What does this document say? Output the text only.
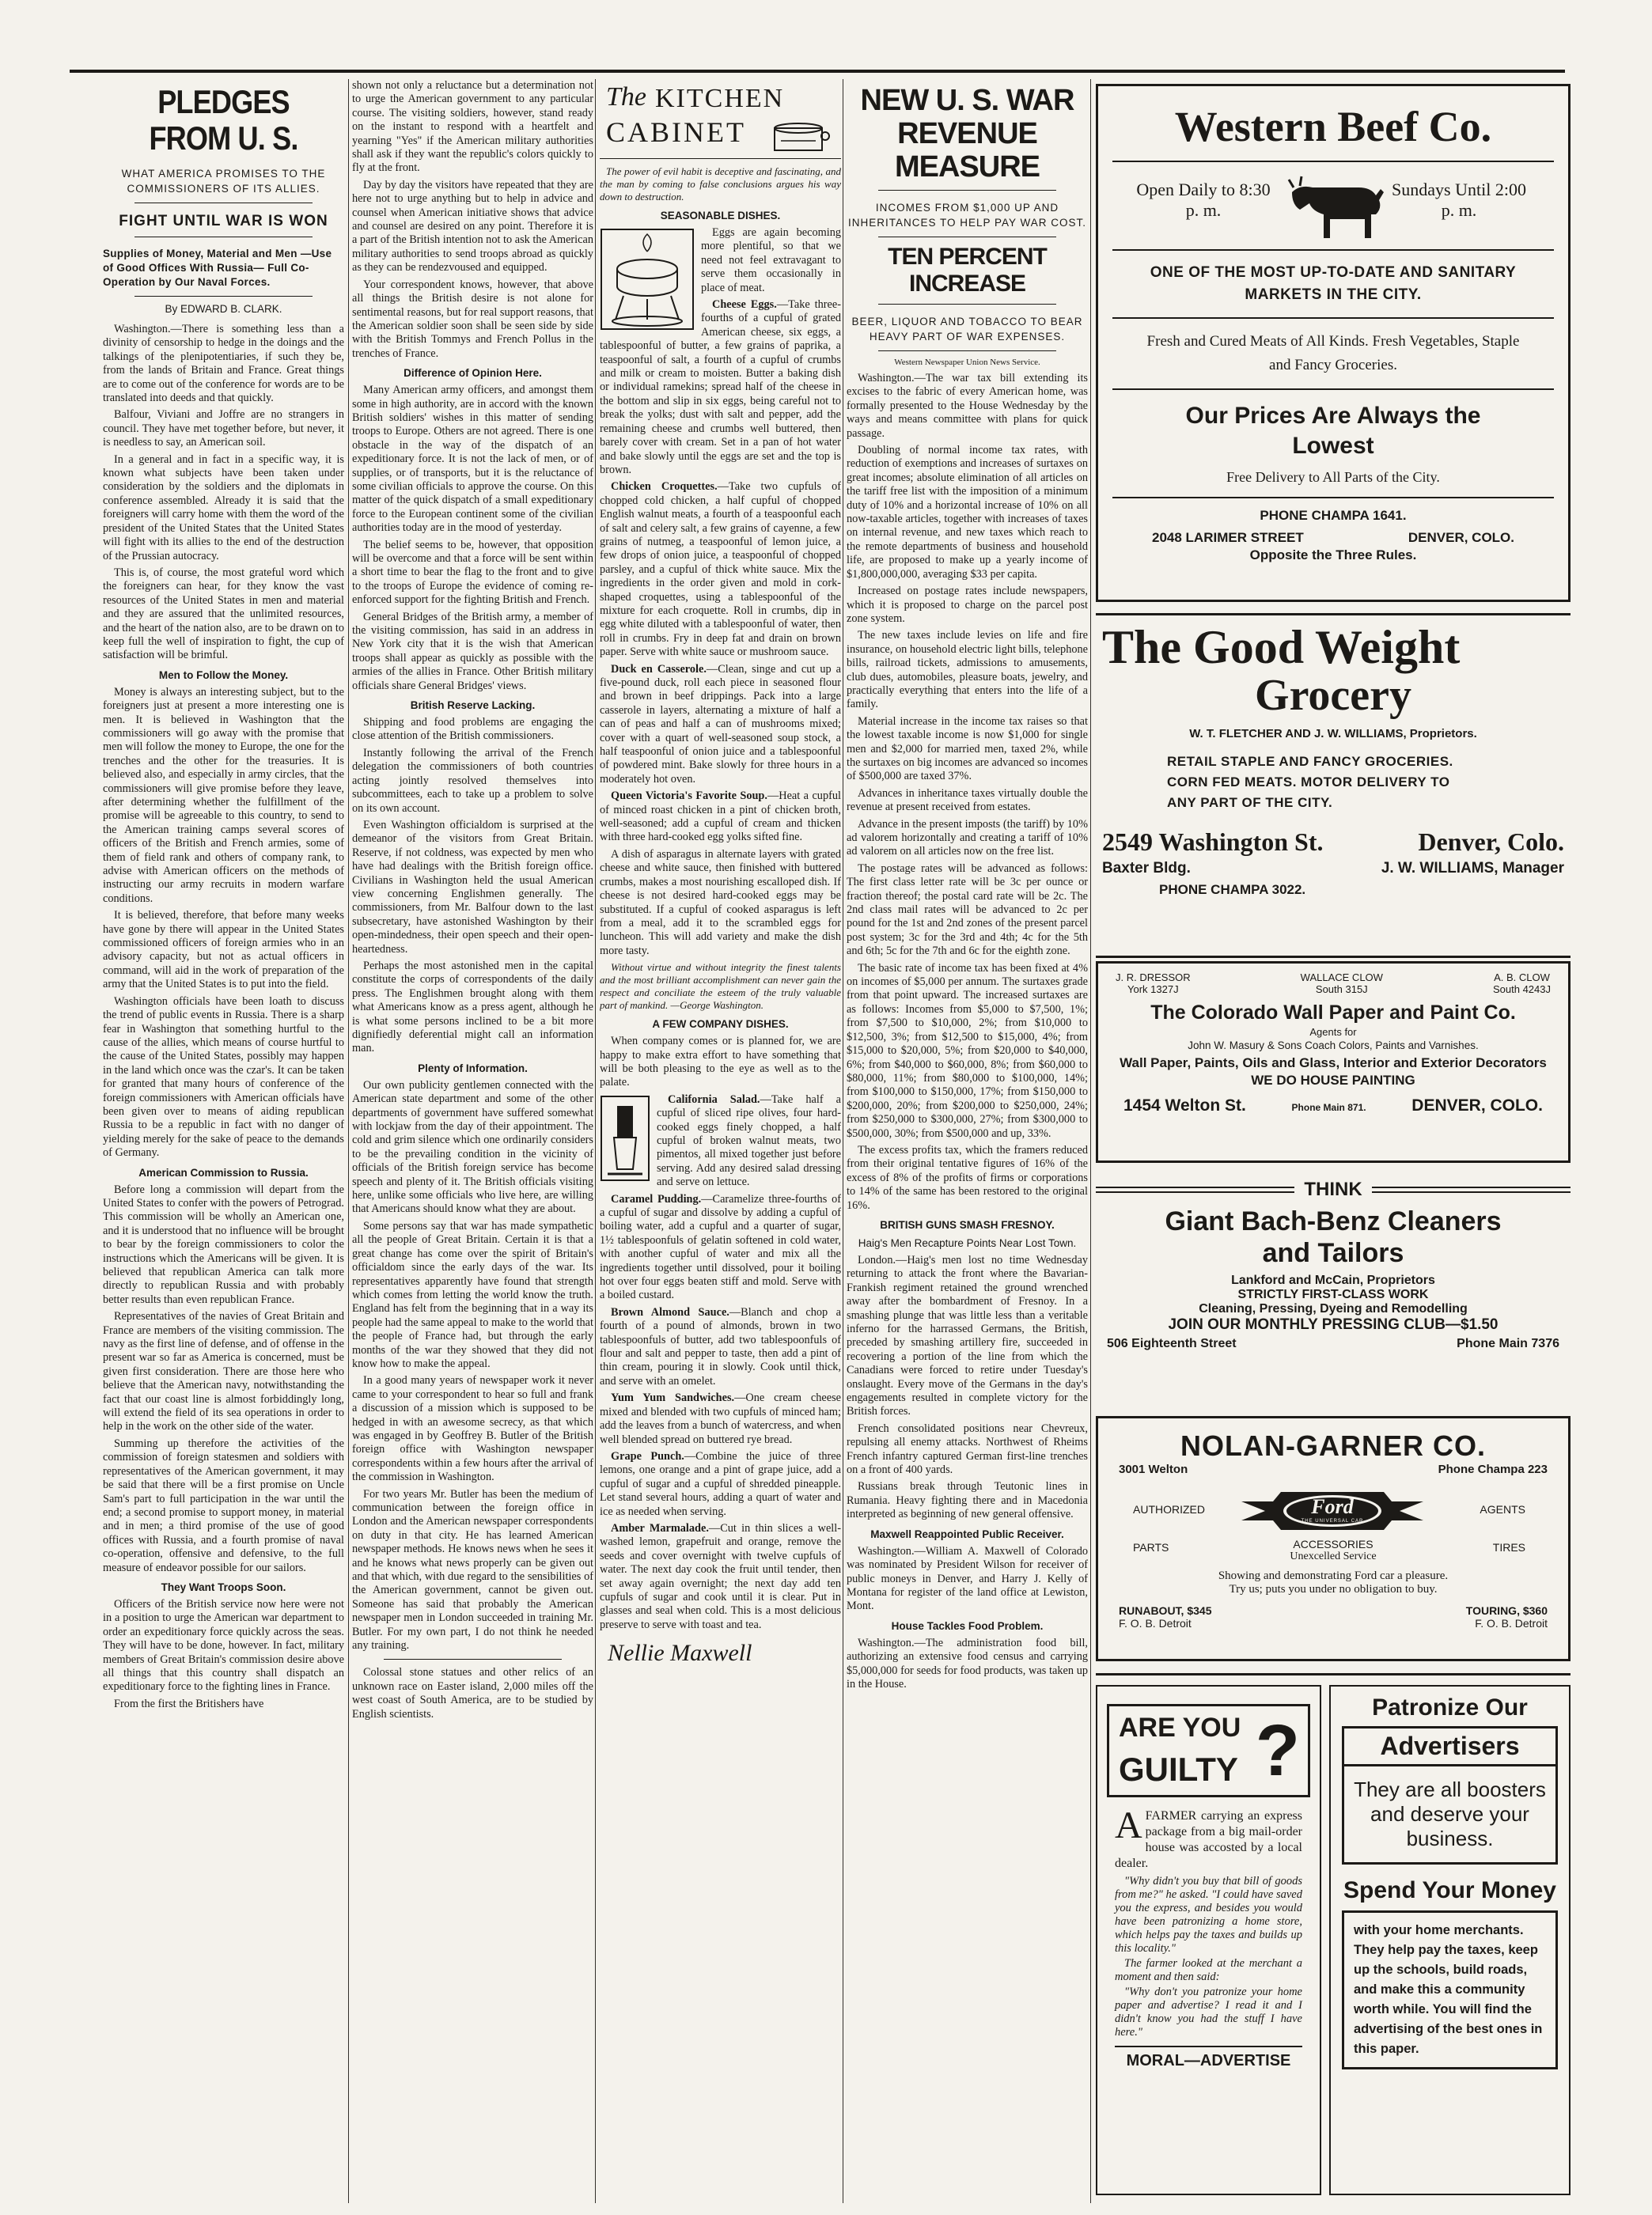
PLEDGES FROM U. S.
WHAT AMERICA PROMISES TO THE COMMISSIONERS OF ITS ALLIES.
FIGHT UNTIL WAR IS WON
Supplies of Money, Material and Men —Use of Good Offices With Russia— Full Co-Operation by Our Naval Forces.
By EDWARD B. CLARK.

Washington.—There is something less than a divinity of censorship to hedge in the doings and the talkings of the plenipotentiaries, if such they be, from the lands of Britain and France. Great things are to come out of the conference for words are to be translated into deeds and that quickly.

Balfour, Viviani and Joffre are no strangers in council. They have met together before, but never, it is needless to say, an American soil.

In a general and in fact in a specific way, it is known what subjects have been taken under consideration by the soldiers and the diplomats in conference assembled. Already it is said that the foreigners will carry home with them the word of the president of the United States that the United States will fight with its allies to the end of the destruction of the Prussian autocracy.

This is, of course, the most grateful word which the foreigners can hear, for they know the vast resources of the United States in men and material and they are assured that the unlimited resources, and the heart of the nation also, are to be drawn on to keep full the well of inspiration to fight, the cup of satisfaction will be brimful.

Men to Follow the Money.

Money is always an interesting subject, but to the foreigners just at present a more interesting one is men. It is believed in Washington that the commissioners will go away with the promise that men will follow the money to Europe, the one for the trenches and the other for the treasuries. It is believed also, and especially in army circles, that the commissioners will give promise before they leave, after determining whether the fulfillment of the promise will be agreeable to this country, to send to the American training camps several scores of officers of the British and French armies, some of them of field rank and others of company rank, to advise with American officers on the methods of instructing our army recruits in modern warfare conditions.

It is believed, therefore, that before many weeks have gone by there will appear in the United States commissioned officers of foreign armies who in an advisory capacity, but not as actual officers in command, will aid in the work of preparation of the army that the United States is to put into the field.

Washington officials have been loath to discuss the trend of public events in Russia. There is a sharp fear in Washington that something hurtful to the cause of the allies, which means of course hurtful to the cause of the United States, possibly may happen in the land which once was the czar's. It can be taken for granted that many hours of conference of the foreign commissioners with American officials have been given over to means of aiding republican Russia to be a republic in fact with no danger of yielding merely for the sake of peace to the demands of Germany.

American Commission to Russia.

Before long a commission will depart from the United States to confer with the powers of Petrograd. This commission will be wholly an American one, and it is understood that no influence will be brought to bear by the foreign commissioners to color the instructions which the Americans will be given. It is believed that republican America can talk more directly to republican Russia and with probably better results than even republican France.

Representatives of the navies of Great Britain and France are members of the visiting commission. The navy as the first line of defense, and of offense in the present war so far as America is concerned, must be given first consideration. There are those here who believe that the American navy, notwithstanding the fact that our coast line is almost forbiddingly long, will extend the field of its sea operations in order to help in the work on the other side of the water.

Summing up therefore the activities of the commission of foreign statesmen and soldiers with representatives of the American government, it may be said that there will be a first promise on Uncle Sam's part to full participation in the war until the end; a second promise to support money, in material and in men; a third promise of the use of good offices with Russia, and a fourth promise of naval co-operation, offensive and defensive, to the full measure of endeavor possible for our sailors.

They Want Troops Soon.

Officers of the British service now here were not in a position to urge the American war department to order an expeditionary force quickly across the seas. They will have to be done, however. In fact, military members of Great Britain's commission desire above all things that this country shall dispatch an expeditionary force to the fighting lines in France.

From the first the Britishers have

shown not only a reluctance but a determination not to urge the American government to any particular course. The visiting soldiers, however, stand ready on the instant to respond with a heartfelt and yearning "Yes" if the American military authorities shall ask if they want the republic's colors quickly to fly at the front.

Day by day the visitors have repeated that they are here not to urge anything but to help in advice and counsel when American initiative shows that advice and counsel are desired on any point. Therefore it is a part of the British intention not to ask the American military authorities to send troops abroad as quickly as they can be rendezvoused and equipped.

Your correspondent knows, however, that above all things the British desire is not alone for sentimental reasons, but for real support reasons, that the American soldier soon shall be seen side by side with the British Tommys and French Pollus in the trenches of France.

Difference of Opinion Here.

Many American army officers, and amongst them some in high authority, are in accord with the known British soldiers' wishes in this matter of sending troops to Europe. Others are not agreed. There is one obstacle in the way of the dispatch of an expeditionary force. It is not the lack of men, or of supplies, or of transports, but it is the reluctance of some civilian officials to approve the course. On this matter of the quick dispatch of a small expeditionary force to the European continent some of the civilian authorities today are in the mood of yesterday.

The belief seems to be, however, that opposition will be overcome and that a force will be sent within a short time to bear the flag to the front and to give to the troops of Europe the evidence of coming re-enforced support for the fighting British and French.

General Bridges of the British army, a member of the visiting commission, has said in an address in New York city that it is the wish that American troops shall appear as quickly as possible with the armies of the allies in France. Other British military officials share General Bridges' views.

British Reserve Lacking.

Shipping and food problems are engaging the close attention of the British commissioners.

Instantly following the arrival of the French delegation the commissioners of both countries acting jointly resolved themselves into subcommittees, each to take up a problem to solve on its own account.

Even Washington officialdom is surprised at the demeanor of the visitors from Great Britain. Reserve, if not coldness, was expected by men who have had dealings with the British foreign office. Civilians in Washington held the usual American view concerning Englishmen generally. The commissioners, from Mr. Balfour down to the last subsecretary, have astonished Washington by their open-mindedness, their open speech and their open-heartedness.

Perhaps the most astonished men in the capital constitute the corps of correspondents of the daily press. The Englishmen brought along with them what Americans know as a press agent, although he is what some persons inclined to be a bit more dignifiedly deferential might call an information man.

Plenty of Information.

Our own publicity gentlemen connected with the American state department and some of the other departments of government have suffered somewhat with lockjaw from the day of their appointment. The cold and grim silence which one ordinarily considers to be the prevailing condition in the vicinity of officials of the British foreign service has become speech and plenty of it. The British officials visiting here, unlike some officials who live here, are willing that Americans should know what they are about.

Some persons say that war has made sympathetic all the people of Great Britain. Certain it is that a great change has come over the spirit of Britain's officialdom since the early days of the war. Its representatives apparently have found that strength which comes from letting the world know the truth. England has felt from the beginning that in a way its people had the same appeal to make to the world that the people of France had, but through the early months of the war they showed that they did not know how to make the appeal.

In a good many years of newspaper work it never came to your correspondent to hear so full and frank a discussion of a mission which is supposed to be hedged in with an awesome secrecy, as that which was engaged in by Geoffrey B. Butler of the British foreign office with Washington newspaper correspondents within a few hours after the arrival of the commission in Washington.

For two years Mr. Butler has been the medium of communication between the foreign office in London and the American newspaper correspondents on duty in that city. He has learned American newspaper methods. He knows news when he sees it and he knows what news properly can be given out and that which, with due regard to the sensibilities of the American government, cannot be given out. Someone has said that probably the American newspaper men in London succeeded in training Mr. Butler. For my own part, I do not think he needed any training.

Colossal stone statues and other relics of an unknown race on Easter island, 2,000 miles off the west coast of South America, are to be studied by English scientists.

The KITCHEN
CABINET

The power of evil habit is deceptive and fascinating, and the man by coming to false conclusions argues his way down to destruction.

SEASONABLE DISHES.

Eggs are again becoming more plentiful, so that we need not feel extravagant to serve them occasionally in place of meat.

Cheese Eggs.—Take three-fourths of a cupful of grated American cheese, six eggs, a tablespoonful of butter, a few grains of paprika, a teaspoonful of salt, a fourth of a cupful of crumbs and milk or cream to moisten. Butter a baking dish or individual ramekins; spread half of the cheese in the bottom and slip in six eggs, being careful not to break the yolks; dust with salt and pepper, add the remaining cheese and crumbs well buttered, then barely cover with cream. Set in a pan of hot water and bake slowly until the eggs are set and the top is brown.

Chicken Croquettes.—Take two cupfuls of chopped cold chicken, a half cupful of chopped English walnut meats, a fourth of a teaspoonful each of salt and celery salt, a few grains of cayenne, a few grains of nutmeg, a teaspoonful of lemon juice, a few drops of onion juice, a teaspoonful of chopped parsley, and a cupful of thick white sauce. Mix the ingredients in the order given and mold in cork-shaped croquettes, using a tablespoonful of the mixture for each croquette. Roll in crumbs, dip in egg white diluted with a tablespoonful of water, then roll in crumbs. Fry in deep fat and drain on brown paper. Serve with white sauce or mushroom sauce.

Duck en Casserole.—Clean, singe and cut up a five-pound duck, roll each piece in seasoned flour and brown in beef drippings. Pack into a large casserole in layers, alternating a mixture of half a can of peas and half a can of mushrooms mixed; cover with a quart of well-seasoned soup stock, a half teaspoonful of onion juice and a tablespoonful of powdered mint. Bake slowly for three hours in a moderately hot oven.

Queen Victoria's Favorite Soup.—Heat a cupful of minced roast chicken in a pint of chicken broth, well-seasoned; add a cupful of cream and thicken with three hard-cooked egg yolks sifted fine.

A dish of asparagus in alternate layers with grated cheese and white sauce, then finished with buttered crumbs, makes a most nourishing escalloped dish. If cheese is not desired hard-cooked eggs may be substituted. If a cupful of cooked asparagus is left from a meal, add it to the scrambled eggs for luncheon. This will add variety and make the dish more tasty.

Without virtue and without integrity the finest talents and the most brilliant accomplishment can never gain the respect and conciliate the esteem of the truly valuable part of mankind. —George Washington.

A FEW COMPANY DISHES.

When company comes or is planned for, we are happy to make extra effort to have something that will be both pleasing to the eye as well as to the palate.

California Salad.—Take half a cupful of sliced ripe olives, four hard-cooked eggs finely chopped, a half cupful of broken walnut meats, two pimentos, all mixed together just before serving. Add any desired salad dressing and serve on lettuce.

Caramel Pudding.—Caramelize three-fourths of a cupful of sugar and dissolve by adding a cupful of boiling water, add a cupful and a quarter of sugar, 1½ tablespoonfuls of gelatin softened in cold water, with another cupful of water and mix all the ingredients together until dissolved, pour it boiling hot over four eggs beaten stiff and mold. Serve with a boiled custard.

Brown Almond Sauce.—Blanch and chop a fourth of a pound of almonds, brown in two tablespoonfuls of butter, add two tablespoonfuls of flour and salt and pepper to taste, then add a pint of thin cream, pouring it in slowly. Cook until thick, and serve with an omelet.

Yum Yum Sandwiches.—One cream cheese mixed and blended with two cupfuls of minced ham; add the leaves from a bunch of watercress, and when well blended spread on buttered rye bread.

Grape Punch.—Combine the juice of three lemons, one orange and a pint of grape juice, add a cupful of sugar and a cupful of shredded pineapple. Let stand several hours, adding a quart of water and ice as needed when serving.

Amber Marmalade.—Cut in thin slices a well-washed lemon, grapefruit and orange, remove the seeds and cover overnight with twelve cupfuls of water. The next day cook the fruit until tender, then set away again overnight; the next day add ten cupfuls of sugar and cook until it is clear. Put in glasses and seal when cold. This is a most delicious preserve to serve with toast and tea.

Nellie Maxwell
NEW U. S. WAR REVENUE MEASURE
INCOMES FROM $1,000 UP AND INHERITANCES TO HELP PAY WAR COST.
TEN PERCENT INCREASE
BEER, LIQUOR AND TOBACCO TO BEAR HEAVY PART OF WAR EXPENSES.
Western Newspaper Union News Service.

Washington.—The war tax bill extending its excises to the fabric of every American home, was formally presented to the House Wednesday by the ways and means committee with plans for quick passage.

Doubling of normal income tax rates, with reduction of exemptions and increases of surtaxes on great incomes; absolute elimination of all articles on the tariff free list with the imposition of a minimum duty of 10% and a horizontal increase of 10% on all now-taxable articles, together with increases of taxes on internal revenue, and new taxes which reach to the remote departments of business and household life, are proposed to make up a yearly income of $1,800,000,000, averaging $33 per capita.

Increased on postage rates include newspapers, which it is proposed to charge on the parcel post zone system.

The new taxes include levies on life and fire insurance, on household electric light bills, telephone bills, railroad tickets, admissions to amusements, club dues, automobiles, pleasure boats, jewelry, and practically everything that enters into the life of a family.

Material increase in the income tax raises so that the lowest taxable income is now $1,000 for single men and $2,000 for married men, taxed 2%, while the surtaxes on big incomes are advanced so incomes of $500,000 are taxed 37%.

Advances in inheritance taxes virtually double the revenue at present received from estates.

Advance in the present imposts (the tariff) by 10% ad valorem horizontally and creating a tariff of 10% ad valorem on all articles now on the free list.

The postage rates will be advanced as follows: The first class letter rate will be 3c per ounce or fraction thereof; the postal card rate will be 2c. The 2nd class mail rates will be advanced to 2c per pound for the 1st and 2nd zones of the present parcel post system; 3c for the 3rd and 4th; 4c for the 5th and 6th; 5c for the 7th and 6c for the eighth zone.

The basic rate of income tax has been fixed at 4% on incomes of $5,000 per annum. The surtaxes grade from that point upward. The increased surtaxes are as follows: Incomes from $5,000 to $7,500, 1%; from $7,500 to $10,000, 2%; from $10,000 to $12,500, 3%; from $12,500 to $15,000, 4%; from $15,000 to $20,000, 5%; from $20,000 to $40,000, 6%; from $40,000 to $60,000, 8%; from $60,000 to $80,000, 11%; from $80,000 to $100,000, 14%; from $100,000 to $150,000, 17%; from $150,000 to $200,000, 20%; from $200,000 to $250,000, 24%; from $250,000 to $300,000, 27%; from $300,000 to $500,000, 30%; from $500,000 and up, 33%.

The excess profits tax, which the framers reduced from their original tentative figures of 16% of the excess of 8% of the profits of firms or corporations to 14% of the same has been restored to the original 16%.

BRITISH GUNS SMASH FRESNOY.
Haig's Men Recapture Points Near Lost Town.

London.—Haig's men lost no time Wednesday returning to attack the front where the Bavarian-Frankish regiment retained the ground wrenched away after the bombardment of Fresnoy. In a smashing plunge that was little less than a veritable inferno for the harrassed Germans, the British, preceded by smashing artillery fire, succeeded in recovering a portion of the line from which the Canadians were forced to retire under Tuesday's onslaught. Every move of the Germans in the day's engagements resulted in complete victory for the British forces.

French consolidated positions near Chevreux, repulsing all enemy attacks. Northwest of Rheims French infantry captured German first-line trenches on a front of 400 yards.

Russians break through Teutonic lines in Rumania. Heavy fighting there and in Macedonia interpreted as beginning of new general offensive.

Maxwell Reappointed Public Receiver.

Washington.—William A. Maxwell of Colorado was nominated by President Wilson for receiver of public moneys in Denver, and Harry J. Kelly of Montana for register of the land office at Lewiston, Mont.

House Tackles Food Problem.

Washington.—The administration food bill, authorizing an extensive food census and carrying $5,000,000 for seeds for food products, was taken up in the House.

Western Beef Co.
Open Daily to 8:30
p. m.
Sundays Until 2:00
p. m.
ONE OF THE MOST UP-TO-DATE AND SANITARY MARKETS IN THE CITY.
Fresh and Cured Meats of All Kinds. Fresh Vegetables, Staple and Fancy Groceries.
Our Prices Are Always the Lowest
Free Delivery to All Parts of the City.
PHONE CHAMPA 1641.
2048 LARIMER STREET	DENVER, COLO.
Opposite the Three Rules.
The Good Weight
Grocery
W. T. FLETCHER AND J. W. WILLIAMS, Proprietors.
RETAIL STAPLE AND FANCY GROCERIES.
CORN FED MEATS. MOTOR DELIVERY TO
ANY PART OF THE CITY.
2549 Washington St.	Denver, Colo.
Baxter Bldg.	J. W. WILLIAMS, Manager
PHONE CHAMPA 3022.
J. R. DRESSOR
York 1327J
WALLACE CLOW
South 315J
A. B. CLOW
South 4243J
The Colorado Wall Paper and Paint Co.
Agents for
John W. Masury & Sons Coach Colors, Paints and Varnishes.
Wall Paper, Paints, Oils and Glass, Interior and Exterior Decorators
WE DO HOUSE PAINTING
1454 Welton St.	Phone Main 871.	DENVER, COLO.
THINK
Giant Bach-Benz Cleaners
and Tailors
Lankford and McCain, Proprietors
STRICTLY FIRST-CLASS WORK
Cleaning, Pressing, Dyeing and Remodelling
JOIN OUR MONTHLY PRESSING CLUB—$1.50
506 Eighteenth Street	Phone Main 7376
NOLAN-GARNER CO.
3001 Welton	Phone Champa 223
AUTHORIZED	AGENTS
PARTS	TIRES
Ford
THE UNIVERSAL CAR
ACCESSORIES
Unexcelled Service
Showing and demonstrating Ford car a pleasure.
Try us; puts you under no obligation to buy.
RUNABOUT, $345
F. O. B. Detroit
TOURING, $360
F. O. B. Detroit
ARE YOU
GUILTY ?
A FARMER carrying an express package from a big mail-order house was accosted by a local dealer.
"Why didn't you buy that bill of goods from me?" he asked. "I could have saved you the express, and besides you would have been patronizing a home store, which helps pay the taxes and builds up this locality."
The farmer looked at the merchant a moment and then said:
"Why don't you patronize your home paper and advertise? I read it and I didn't know you had the stuff I have here."
MORAL—ADVERTISE
Patronize Our
Advertisers
They are all boosters and deserve your business.
Spend Your Money
with your home merchants. They help pay the taxes, keep up the schools, build roads, and make this a community worth while. You will find the advertising of the best ones in this paper.
